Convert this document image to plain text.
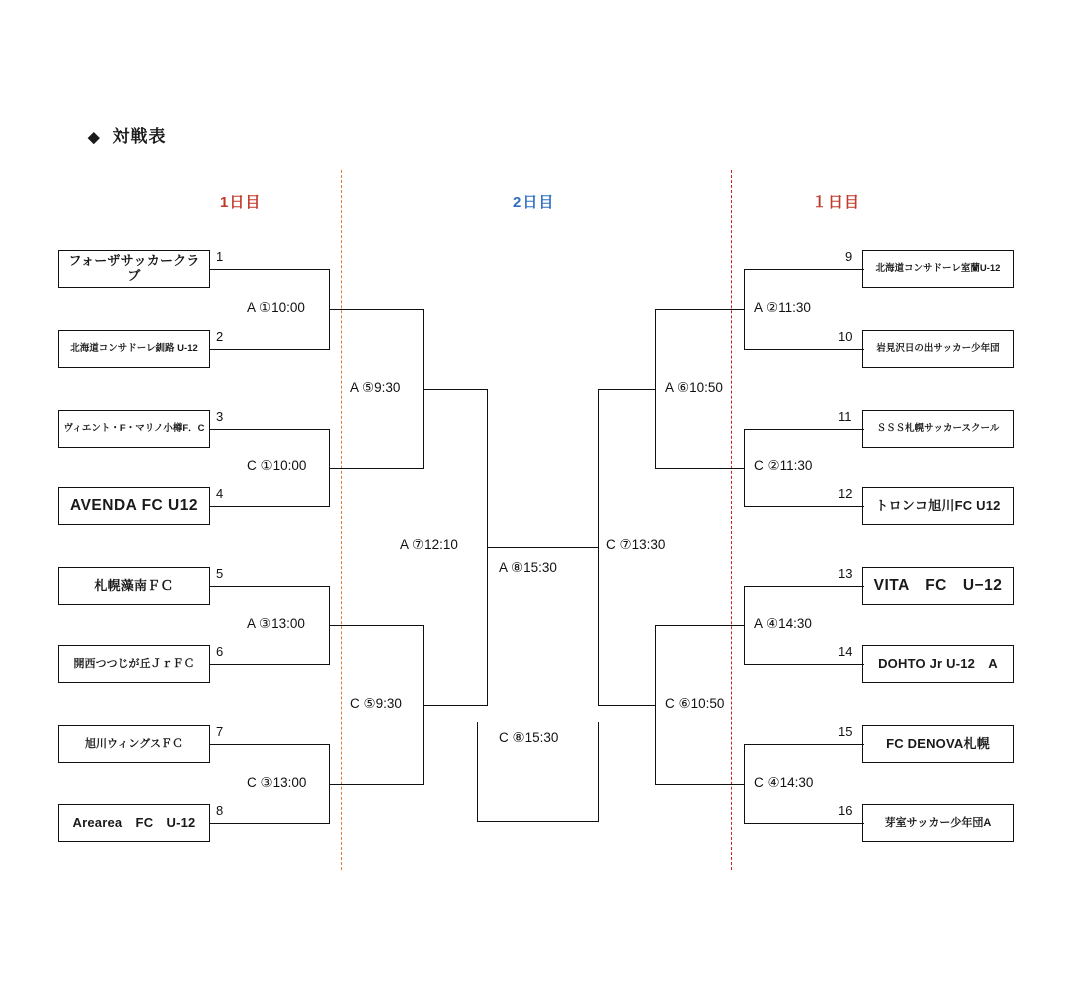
◆ 対戦表
1日目	2日目	１日目
フォーザサッカークラブ
北海道コンサドーレ釧路 U-12
ヴィエント・F・マリノ小樽F．C
AVENDA FC U12
札幌藻南ＦＣ
開西つつじが丘ＪｒＦＣ
旭川ウィングスＦＣ
Arearea　FC　U-12
北海道コンサドーレ室蘭U-12
岩見沢日の出サッカー少年団
ＳＳＳ札幌サッカースクール
トロンコ旭川FC U12
VITA　FC　U−12
DOHTO Jr U-12　A
FC DENOVA札幌
芽室サッカー少年団A
1
2
3
4
5
6
7
8
9
10
11
12
13
14
15
16
A ①10:00
C ①10:00
A ③13:00
C ③13:00
A ⑤9:30
C ⑤9:30
A ⑦12:10
A ⑧15:30
C ⑧15:30
C ⑦13:30
A ②11:30
C ②11:30
A ④14:30
C ④14:30
A ⑥10:50
C ⑥10:50
